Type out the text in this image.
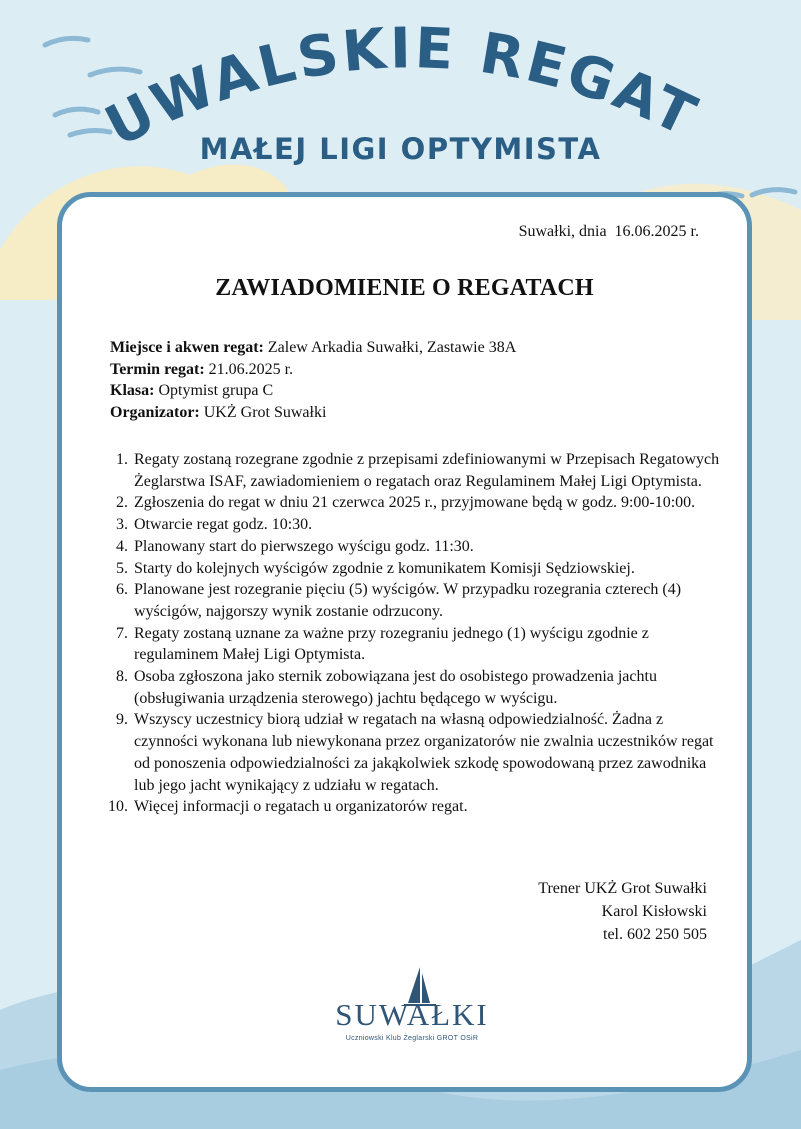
UWALSKIE REGAT
MAŁEJ LIGI OPTYMISTA
Suwałki, dnia  16.06.2025 r.
ZAWIADOMIENIE O REGATACH
Miejsce i akwen regat: Zalew Arkadia Suwałki, Zastawie 38A
Termin regat: 21.06.2025 r.
Klasa: Optymist grupa C
Organizator: UKŻ Grot Suwałki
1. Regaty zostaną rozegrane zgodnie z przepisami zdefiniowanymi w Przepisach Regatowych Żeglarstwa ISAF, zawiadomieniem o regatach oraz Regulaminem Małej Ligi Optymista.
2. Zgłoszenia do regat w dniu 21 czerwca 2025 r., przyjmowane będą w godz. 9:00-10:00.
3. Otwarcie regat godz. 10:30.
4. Planowany start do pierwszego wyścigu godz. 11:30.
5. Starty do kolejnych wyścigów zgodnie z komunikatem Komisji Sędziowskiej.
6. Planowane jest rozegranie pięciu (5) wyścigów. W przypadku rozegrania czterech (4) wyścigów, najgorszy wynik zostanie odrzucony.
7. Regaty zostaną uznane za ważne przy rozegraniu jednego (1) wyścigu zgodnie z regulaminem Małej Ligi Optymista.
8. Osoba zgłoszona jako sternik zobowiązana jest do osobistego prowadzenia jachtu (obsługiwania urządzenia sterowego) jachtu będącego w wyścigu.
9. Wszyscy uczestnicy biorą udział w regatach na własną odpowiedzialność. Żadna z czynności wykonana lub niewykonana przez organizatorów nie zwalnia uczestników regat od ponoszenia odpowiedzialności za jakąkolwiek szkodę spowodowaną przez zawodnika lub jego jacht wynikający z udziału w regatach.
10. Więcej informacji o regatach u organizatorów regat.
Trener UKŻ Grot Suwałki
Karol Kisłowski
tel. 602 250 505
SUWAŁKI
Uczniowski Klub Żeglarski GROT OSiR
